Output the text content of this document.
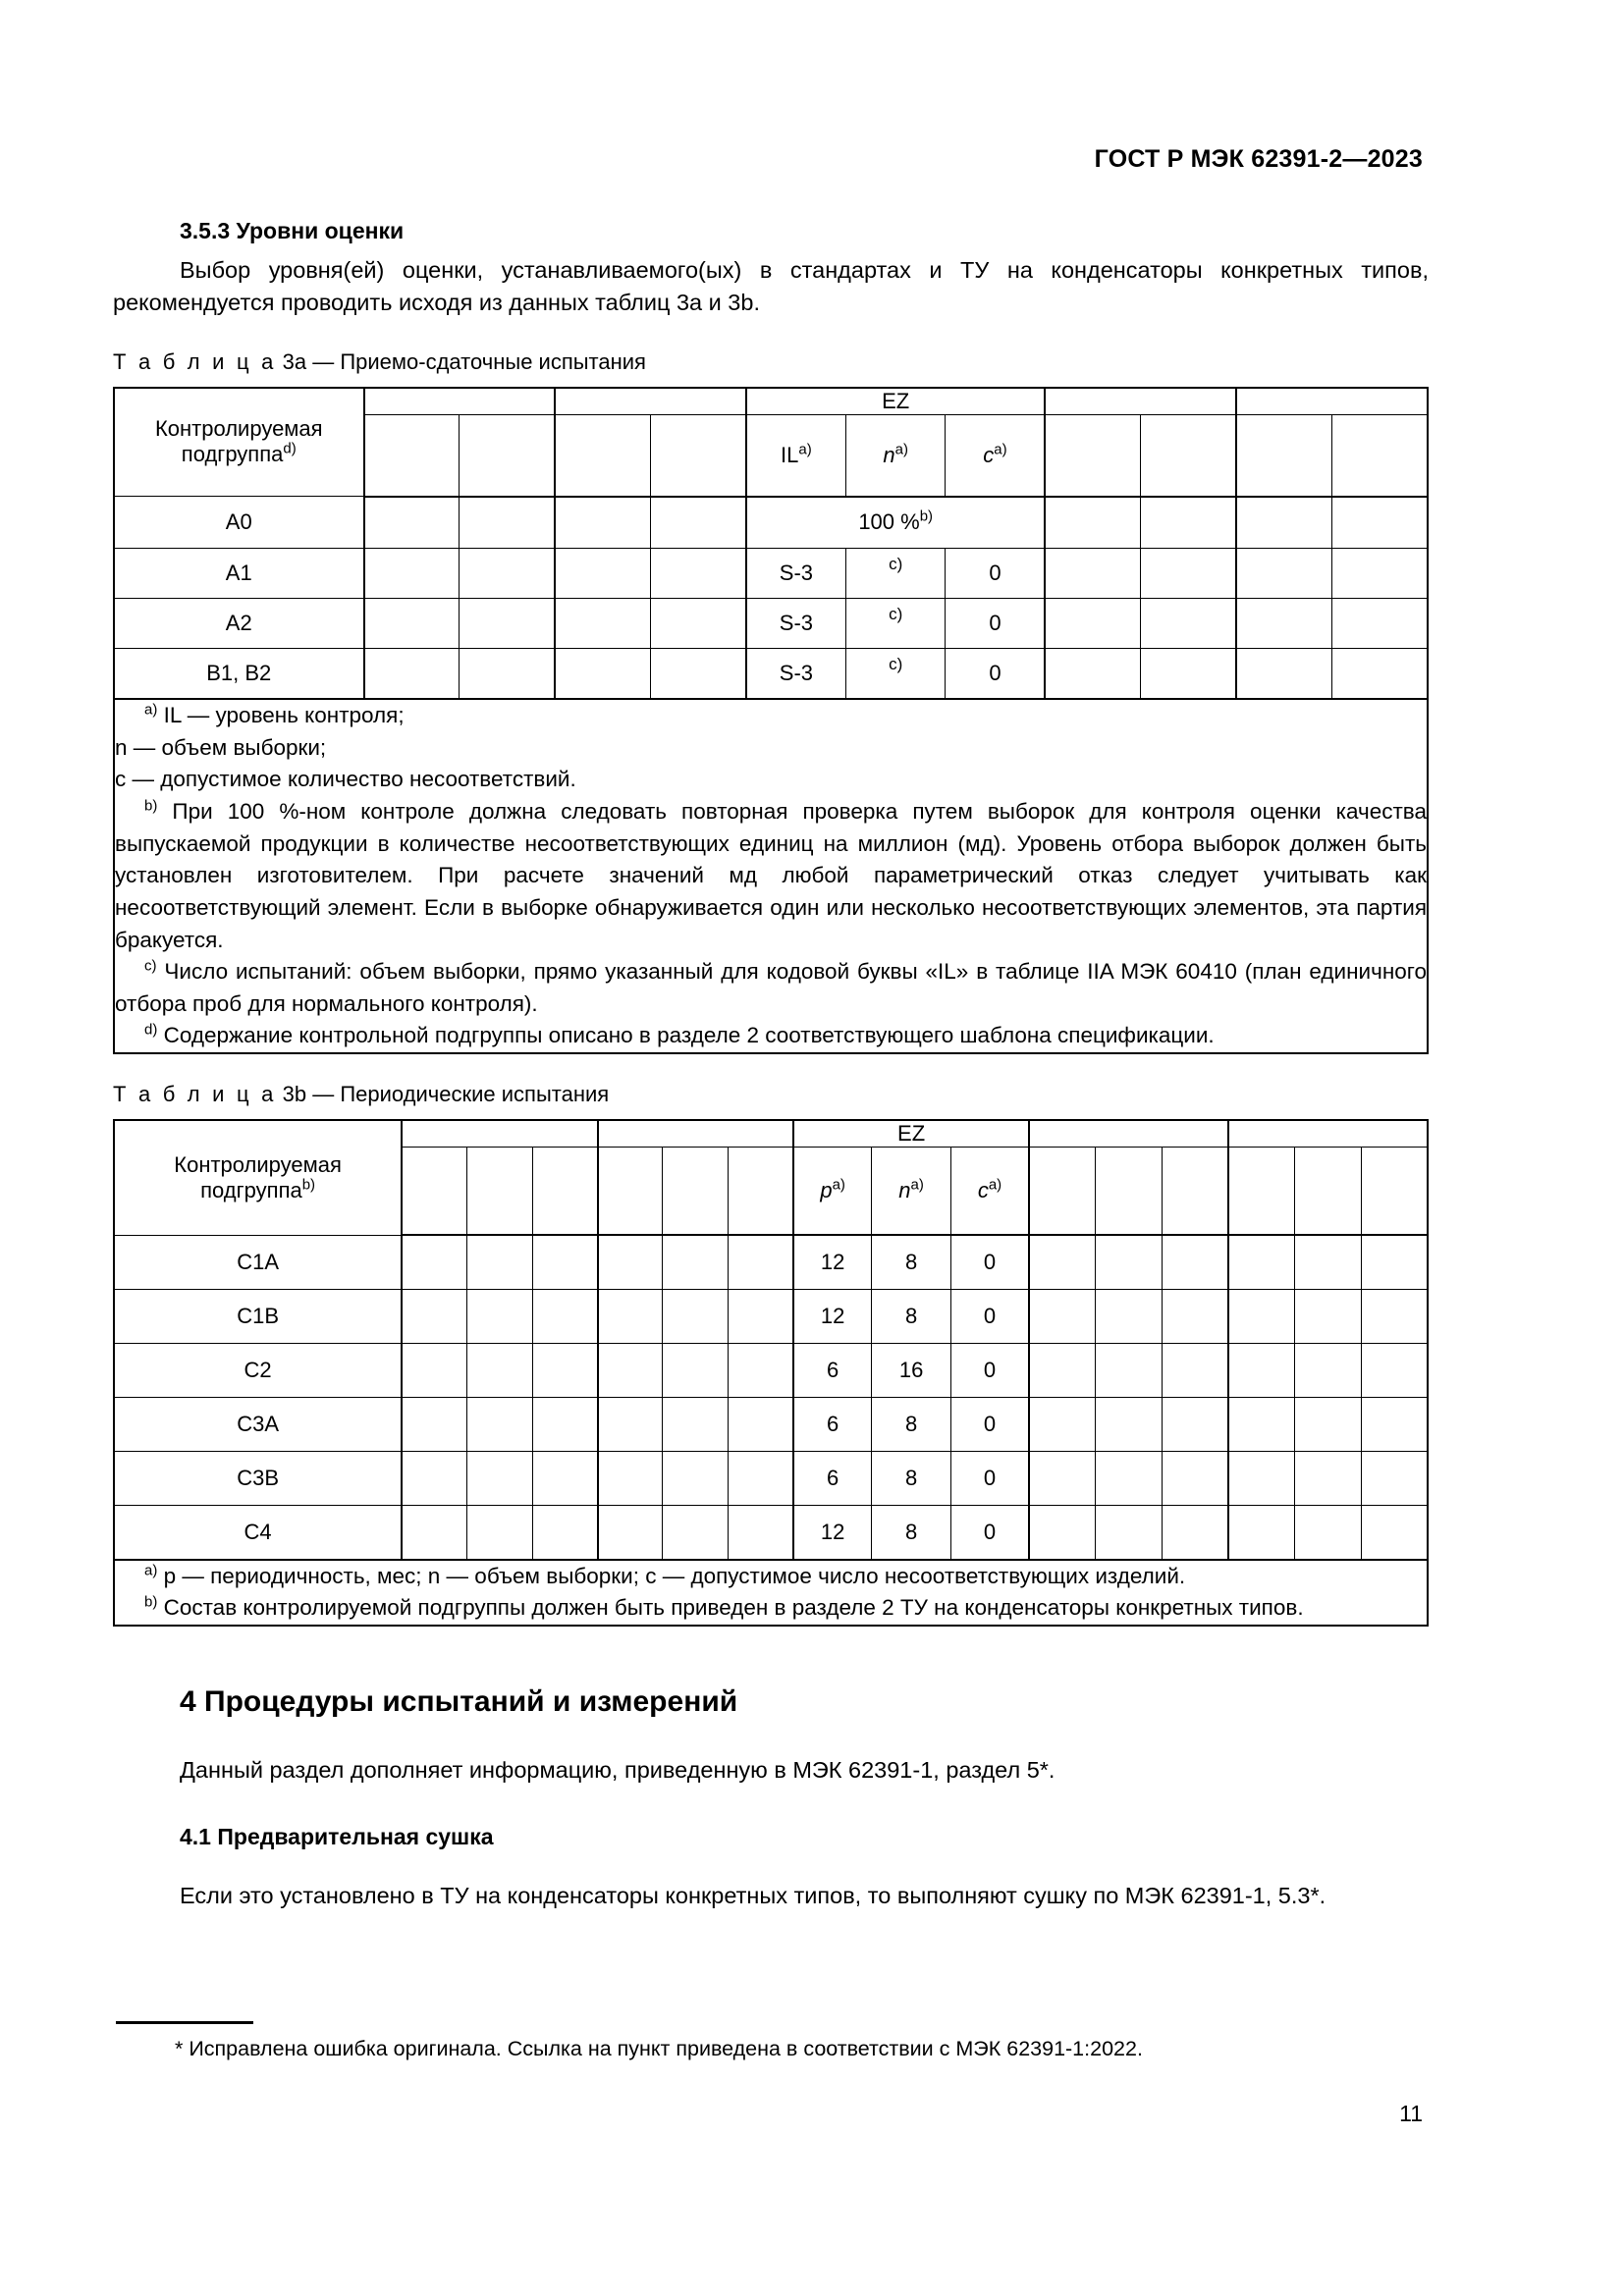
ГОСТ Р МЭК 62391-2—2023
3.5.3 Уровни оценки

Выбор уровня(ей) оценки, устанавливаемого(ых) в стандартах и ТУ на конденсаторы конкретных типов, рекомендуется проводить исходя из данных таблиц 3a и 3b.

Т а б л и ц а 3a — Приемо-сдаточные испытания

Контролируемая подгруппа$^{d)}$					EZ						
					IL$^{a)}$	$n^{a)}$	$c^{a)}$				
A0					100 %$^{b)}$				
A1					S-3	c)	0				
A2					S-3	c)	0				
B1, B2					S-3	c)	0				

$^{a)}$ IL — уровень контроля;

n — объем выборки;

c — допустимое количество несоответствий.

$^{b)}$ При 100 %-ном контроле должна следовать повторная проверка путем выборок для контроля оценки качества выпускаемой продукции в количестве несоответствующих единиц на миллион (мд). Уровень отбора выборок должен быть установлен изготовителем. При расчете значений мд любой параметрический отказ следует учитывать как несоответствующий элемент. Если в выборке обнаруживается один или несколько несоответствующих элементов, эта партия бракуется.

$^{c)}$ Число испытаний: объем выборки, прямо указанный для кодовой буквы «IL» в таблице IIA МЭК 60410 (план единичного отбора проб для нормального контроля).

$^{d)}$ Содержание контрольной подгруппы описано в разделе 2 соответствующего шаблона спецификации.

Т а б л и ц а 3b — Периодические испытания

Контролируемая подгруппа$^{b)}$							EZ								
							$p^{a)}$	$n^{a)}$	$c^{a)}$						
C1A							12	8	0						
C1B							12	8	0						
C2							6	16	0						
C3A							6	8	0						
C3B							6	8	0						
C4							12	8	0						

$^{a)}$ p — периодичность, мес; n — объем выборки; c — допустимое число несоответствующих изделий.

$^{b)}$ Состав контролируемой подгруппы должен быть приведен в разделе 2 ТУ на конденсаторы конкретных типов.															

4 Процедуры испытаний и измерений

Данный раздел дополняет информацию, приведенную в МЭК 62391-1, раздел 5*.

4.1 Предварительная сушка

Если это установлено в ТУ на конденсаторы конкретных типов, то выполняют сушку по МЭК 62391-1, 5.3*.

* Исправлена ошибка оригинала. Ссылка на пункт приведена в соответствии с МЭК 62391-1:2022.
11
